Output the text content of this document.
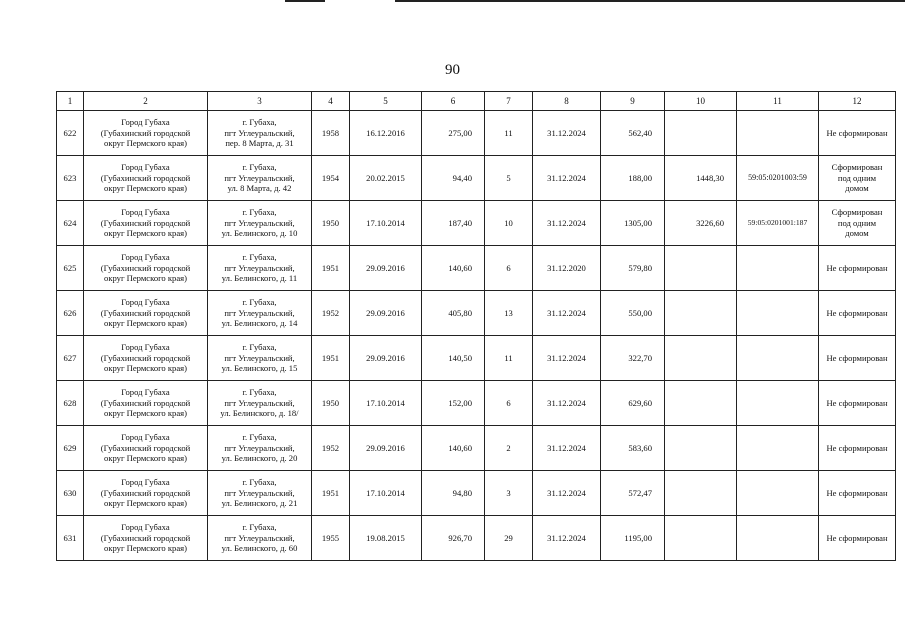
90
1	2	3	4	5	6	7	8	9	10	11	12
622	Город Губаха
(Губахинский городской
округ Пермского края)	г. Губаха,
пгт Углеуральский,
пер. 8 Марта, д. 31	1958	16.12.2016	275,00	11	31.12.2024	562,40			Не сформирован
623	Город Губаха
(Губахинский городской
округ Пермского края)	г. Губаха,
пгт Углеуральский,
ул. 8 Марта, д. 42	1954	20.02.2015	94,40	5	31.12.2024	188,00	1448,30	59:05:0201003:59	Сформирован
под одним
домом
624	Город Губаха
(Губахинский городской
округ Пермского края)	г. Губаха,
пгт Углеуральский,
ул. Белинского, д. 10	1950	17.10.2014	187,40	10	31.12.2024	1305,00	3226,60	59:05:0201001:187	Сформирован
под одним
домом
625	Город Губаха
(Губахинский городской
округ Пермского края)	г. Губаха,
пгт Углеуральский,
ул. Белинского, д. 11	1951	29.09.2016	140,60	6	31.12.2020	579,80			Не сформирован
626	Город Губаха
(Губахинский городской
округ Пермского края)	г. Губаха,
пгт Углеуральский,
ул. Белинского, д. 14	1952	29.09.2016	405,80	13	31.12.2024	550,00			Не сформирован
627	Город Губаха
(Губахинский городской
округ Пермского края)	г. Губаха,
пгт Углеуральский,
ул. Белинского, д. 15	1951	29.09.2016	140,50	11	31.12.2024	322,70			Не сформирован
628	Город Губаха
(Губахинский городской
округ Пермского края)	г. Губаха,
пгт Углеуральский,
ул. Белинского, д. 18/	1950	17.10.2014	152,00	6	31.12.2024	629,60			Не сформирован
629	Город Губаха
(Губахинский городской
округ Пермского края)	г. Губаха,
пгт Углеуральский,
ул. Белинского, д. 20	1952	29.09.2016	140,60	2	31.12.2024	583,60			Не сформирован
630	Город Губаха
(Губахинский городской
округ Пермского края)	г. Губаха,
пгт Углеуральский,
ул. Белинского, д. 21	1951	17.10.2014	94,80	3	31.12.2024	572,47			Не сформирован
631	Город Губаха
(Губахинский городской
округ Пермского края)	г. Губаха,
пгт Углеуральский,
ул. Белинского, д. 60	1955	19.08.2015	926,70	29	31.12.2024	1195,00			Не сформирован
